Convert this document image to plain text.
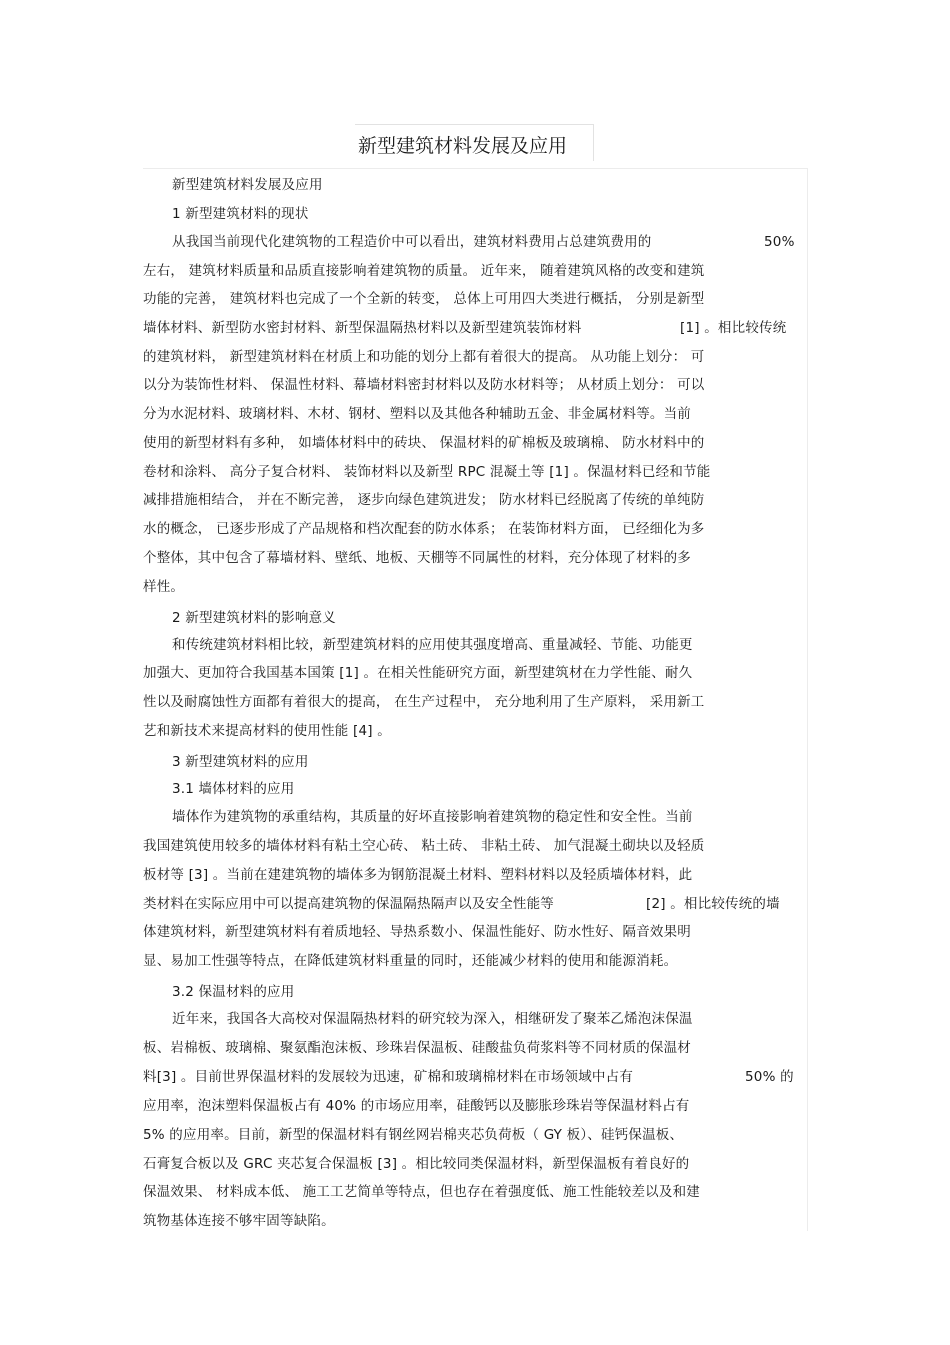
新型建筑材料发展及应用
新型建筑材料发展及应用
1 新型建筑材料的现状
从我国当前现代化建筑物的工程造价中可以看出，建筑材料费用占总建筑费用的	50%
左右， 建筑材料质量和品质直接影响着建筑物的质量。 近年来， 随着建筑风格的改变和建筑
功能的完善， 建筑材料也完成了一个全新的转变， 总体上可用四大类进行概括， 分别是新型
墙体材料、新型防水密封材料、新型保温隔热材料以及新型建筑装饰材料	[1] 。相比较传统
的建筑材料， 新型建筑材料在材质上和功能的划分上都有着很大的提高。 从功能上划分： 可
以分为装饰性材料、 保温性材料、幕墙材料密封材料以及防水材料等； 从材质上划分： 可以
分为水泥材料、玻璃材料、木材、钢材、塑料以及其他各种辅助五金、非金属材料等。当前
使用的新型材料有多种， 如墙体材料中的砖块、 保温材料的矿棉板及玻璃棉、 防水材料中的
卷材和涂料、 高分子复合材料、 装饰材料以及新型 RPC 混凝土等 [1] 。保温材料已经和节能
减排措施相结合， 并在不断完善， 逐步向绿色建筑进发； 防水材料已经脱离了传统的单纯防
水的概念， 已逐步形成了产品规格和档次配套的防水体系； 在装饰材料方面， 已经细化为多
个整体，其中包含了幕墙材料、壁纸、地板、天棚等不同属性的材料，充分体现了材料的多
样性。
2 新型建筑材料的影响意义
和传统建筑材料相比较，新型建筑材料的应用使其强度增高、重量减轻、节能、功能更
加强大、更加符合我国基本国策 [1] 。在相关性能研究方面，新型建筑材在力学性能、耐久
性以及耐腐蚀性方面都有着很大的提高， 在生产过程中， 充分地利用了生产原料， 采用新工
艺和新技术来提高材料的使用性能 [4] 。
3 新型建筑材料的应用
3.1 墙体材料的应用
墙体作为建筑物的承重结构，其质量的好坏直接影响着建筑物的稳定性和安全性。当前
我国建筑使用较多的墙体材料有粘土空心砖、 粘土砖、 非粘土砖、 加气混凝土砌块以及轻质
板材等 [3] 。当前在建建筑物的墙体多为钢筋混凝土材料、塑料材料以及轻质墙体材料，此
类材料在实际应用中可以提高建筑物的保温隔热隔声以及安全性能等	[2] 。相比较传统的墙
体建筑材料，新型建筑材料有着质地轻、导热系数小、保温性能好、防水性好、隔音效果明
显、易加工性强等特点，在降低建筑材料重量的同时，还能减少材料的使用和能源消耗。
3.2 保温材料的应用
近年来，我国各大高校对保温隔热材料的研究较为深入，相继研发了聚苯乙烯泡沫保温
板、岩棉板、玻璃棉、聚氨酯泡沫板、珍珠岩保温板、硅酸盐负荷浆料等不同材质的保温材
料[3] 。目前世界保温材料的发展较为迅速，矿棉和玻璃棉材料在市场领域中占有	50% 的
应用率，泡沫塑料保温板占有 40% 的市场应用率，硅酸钙以及膨胀珍珠岩等保温材料占有
5% 的应用率。目前，新型的保温材料有钢丝网岩棉夹芯负荷板（ GY 板）、硅钙保温板、
石膏复合板以及 GRC 夹芯复合保温板 [3] 。相比较同类保温材料，新型保温板有着良好的
保温效果、 材料成本低、 施工工艺简单等特点，但也存在着强度低、施工性能较差以及和建
筑物基体连接不够牢固等缺陷。
